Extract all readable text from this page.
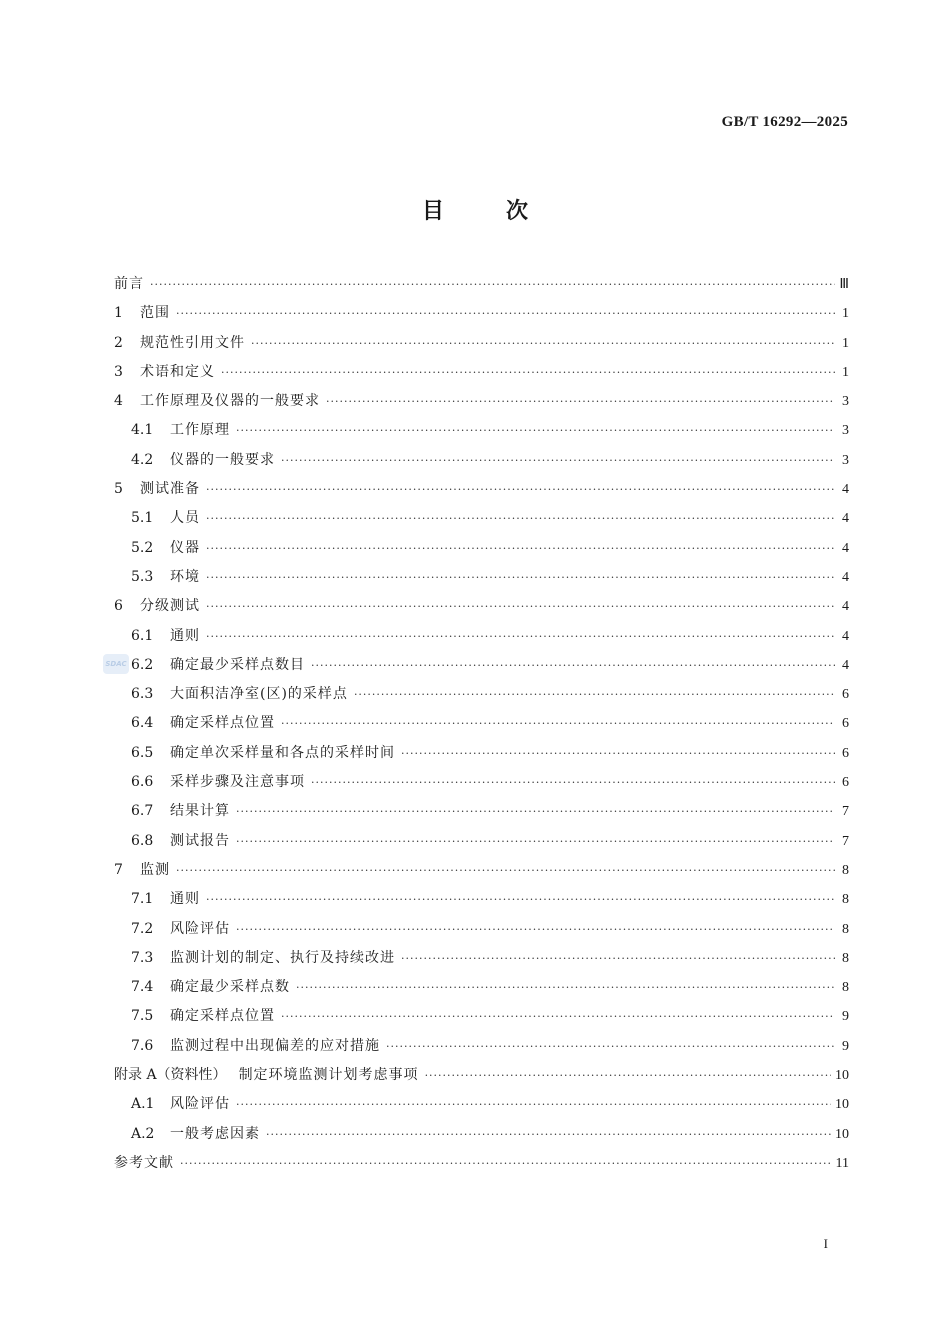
GB/T 16292—2025
目次
SDAC
前言 ·····	Ⅲ
1	范围 ·····	1
2	规范性引用文件 ·····	1
3	术语和定义 ·····	1
4	工作原理及仪器的一般要求 ·····	3
4.1	工作原理 ·····	3
4.2	仪器的一般要求 ·····	3
5	测试准备 ·····	4
5.1	人员 ·····	4
5.2	仪器 ·····	4
5.3	环境 ·····	4
6	分级测试 ·····	4
6.1	通则 ·····	4
6.2	确定最少采样点数目 ·····	4
6.3	大面积洁净室(区)的采样点 ·····	6
6.4	确定采样点位置 ·····	6
6.5	确定单次采样量和各点的采样时间 ·····	6
6.6	采样步骤及注意事项 ·····	6
6.7	结果计算 ·····	7
6.8	测试报告 ·····	7
7	监测 ·····	8
7.1	通则 ·····	8
7.2	风险评估 ·····	8
7.3	监测计划的制定、执行及持续改进 ·····	8
7.4	确定最少采样点数 ·····	8
7.5	确定采样点位置 ·····	9
7.6	监测过程中出现偏差的应对措施 ·····	9
附录 A（资料性） 制定环境监测计划考虑事项 ·····	10
A.1	风险评估 ·····	10
A.2	一般考虑因素 ·····	10
参考文献 ·····	11
I
